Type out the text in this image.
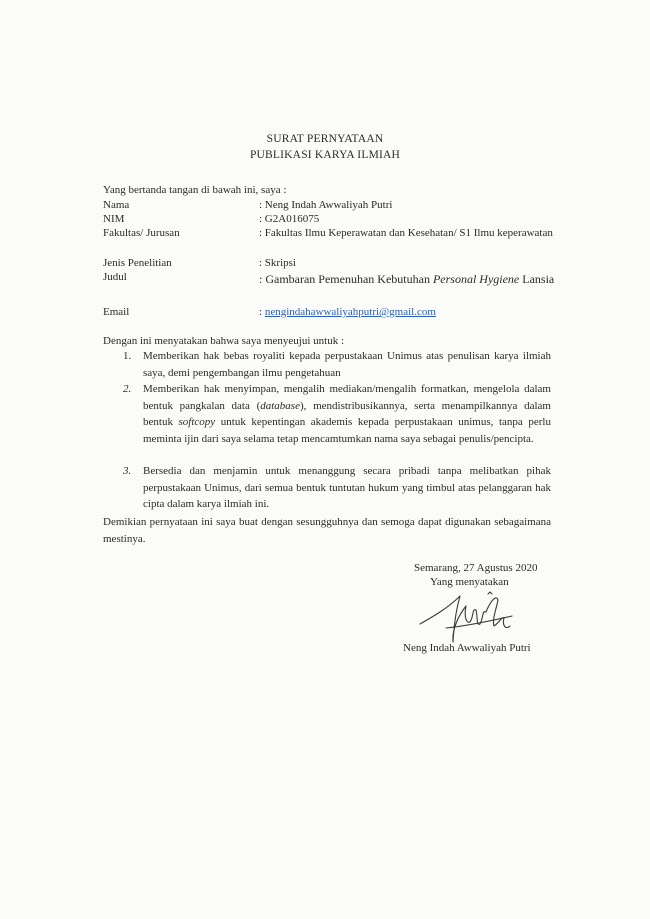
SURAT PERNYATAAN
PUBLIKASI KARYA ILMIAH
Yang bertanda tangan di bawah ini, saya :
Nama	: Neng Indah Awwaliyah Putri
NIM	: G2A016075
Fakultas/ Jurusan	: Fakultas Ilmu Keperawatan dan Kesehatan/ S1 Ilmu keperawatan
Jenis Penelitian	: Skripsi
Judul	: Gambaran Pemenuhan Kebutuhan Personal Hygiene Lansia
Email	: nengindahawwaliyahputri@gmail.com
Dengan ini menyatakan bahwa saya menyeujui untuk :
1. Memberikan hak bebas royaliti kepada perpustakaan Unimus atas penulisan karya ilmiah saya, demi pengembangan ilmu pengetahuan
2. Memberikan hak menyimpan, mengalih mediakan/mengalih formatkan, mengelola dalam bentuk pangkalan data (database), mendistribusikannya, serta menampilkannya dalam bentuk softcopy untuk kepentingan akademis kepada perpustakaan unimus, tanpa perlu meminta ijin dari saya selama tetap mencamtumkan nama saya sebagai penulis/pencipta.
3. Bersedia dan menjamin untuk menanggung secara pribadi tanpa melibatkan pihak perpustakaan Unimus, dari semua bentuk tuntutan hukum yang timbul atas pelanggaran hak cipta dalam karya ilmiah ini.
Demikian pernyataan ini saya buat dengan sesungguhnya dan semoga dapat digunakan sebagaimana mestinya.
Semarang, 27 Agustus 2020
Yang menyatakan
Neng Indah Awwaliyah Putri
